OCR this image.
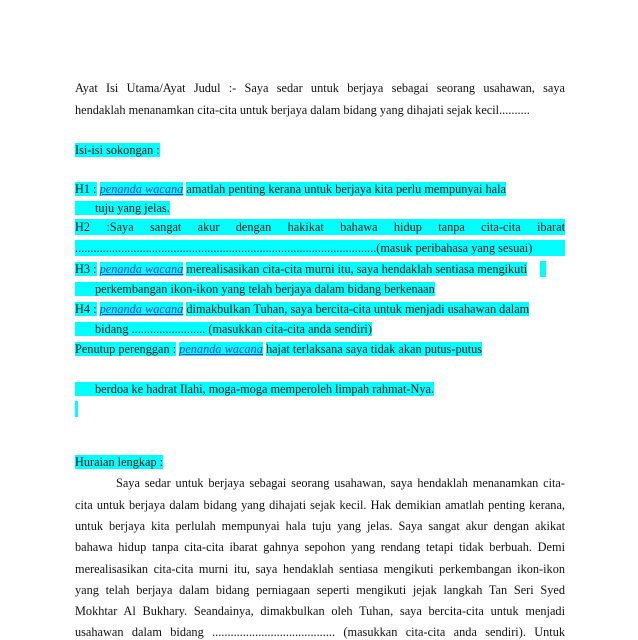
Ayat Isi Utama/Ayat Judul :- Saya sedar untuk berjaya sebagai seorang usahawan, saya
hendaklah menanamkan cita-cita untuk berjaya dalam bidang yang dihajati sejak kecil..........
Isi-isi sokongan :
H1 : penanda wacana amatlah penting kerana untuk berjaya kita perlu mempunyai hala
tuju yang jelas.
H2 :Saya sangat akur dengan hakikat bahawa hidup tanpa cita-cita ibarat
..................................................................................................(masuk peribahasa yang sesuai)
H3 : penanda wacana merealisasikan cita-cita murni itu, saya hendaklah sentiasa mengikuti
perkembangan ikon-ikon yang telah berjaya dalam bidang berkenaan
H4 : penanda wacana dimakbulkan Tuhan, saya bercita-cita untuk menjadi usahawan dalam
bidang ........................ (masukkan cita-cita anda sendiri)
Penutup perenggan : penanda wacana hajat terlaksana saya tidak akan putus-putus
berdoa ke hadrat Ilahi, moga-moga memperoleh limpah rahmat-Nya.
Huraian lengkap :
Saya sedar untuk berjaya sebagai seorang usahawan, saya hendaklah menanamkan cita-
cita untuk berjaya dalam bidang yang dihajati sejak kecil. Hak demikian amatlah penting kerana,
untuk berjaya kita perlulah mempunyai hala tuju yang jelas. Saya sangat akur dengan akikat
bahawa hidup tanpa cita-cita ibarat gahnya sepohon yang rendang tetapi tidak berbuah. Demi
merealisasikan cita-cita murni itu, saya hendaklah sentiasa mengikuti perkembangan ikon-ikon
yang telah berjaya dalam bidang perniagaan seperti mengikuti jejak langkah Tan Seri Syed
Mokhtar Al Bukhary. Seandainya, dimakbulkan oleh Tuhan, saya bercita-cita untuk menjadi
usahawan dalam bidang ........................................ (masukkan cita-cita anda sendiri). Untuk
